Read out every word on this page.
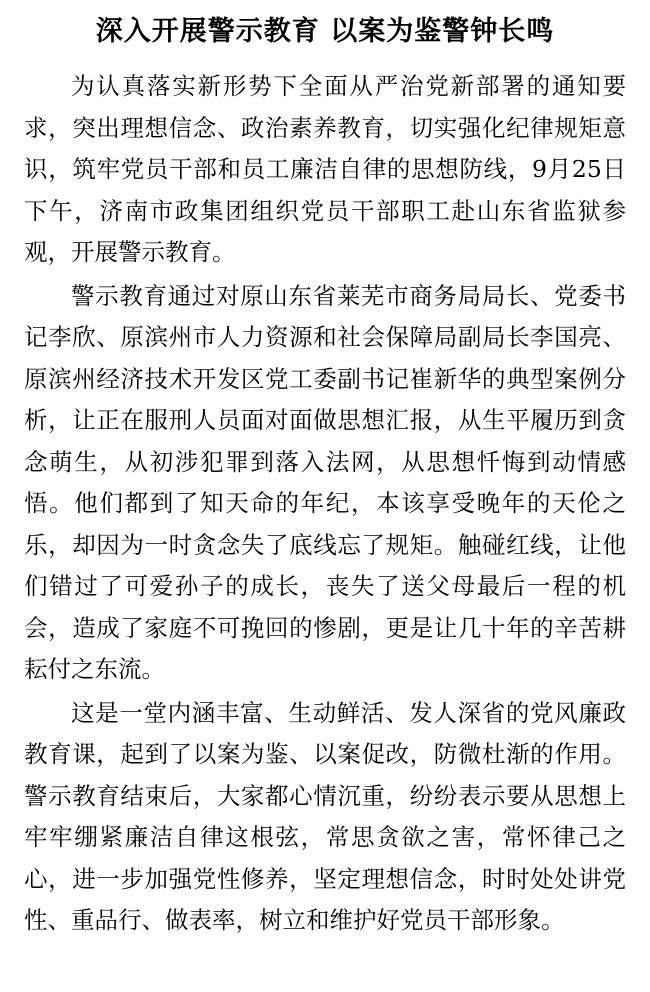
深入开展警示教育 以案为鉴警钟长鸣

为认真落实新形势下全面从严治党新部署的通知要求，突出理想信念、政治素养教育，切实强化纪律规矩意识，筑牢党员干部和员工廉洁自律的思想防线，9月25日下午，济南市政集团组织党员干部职工赴山东省监狱参观，开展警示教育。

警示教育通过对原山东省莱芜市商务局局长、党委书记李欣、原滨州市人力资源和社会保障局副局长李国亮、原滨州经济技术开发区党工委副书记崔新华的典型案例分析，让正在服刑人员面对面做思想汇报，从生平履历到贪念萌生，从初涉犯罪到落入法网，从思想忏悔到动情感悟。他们都到了知天命的年纪，本该享受晚年的天伦之乐，却因为一时贪念失了底线忘了规矩。触碰红线，让他们错过了可爱孙子的成长，丧失了送父母最后一程的机会，造成了家庭不可挽回的惨剧，更是让几十年的辛苦耕耘付之东流。

这是一堂内涵丰富、生动鲜活、发人深省的党风廉政教育课，起到了以案为鉴、以案促改，防微杜渐的作用。警示教育结束后，大家都心情沉重，纷纷表示要从思想上牢牢绷紧廉洁自律这根弦，常思贪欲之害，常怀律己之心，进一步加强党性修养，坚定理想信念，时时处处讲党性、重品行、做表率，树立和维护好党员干部形象。
